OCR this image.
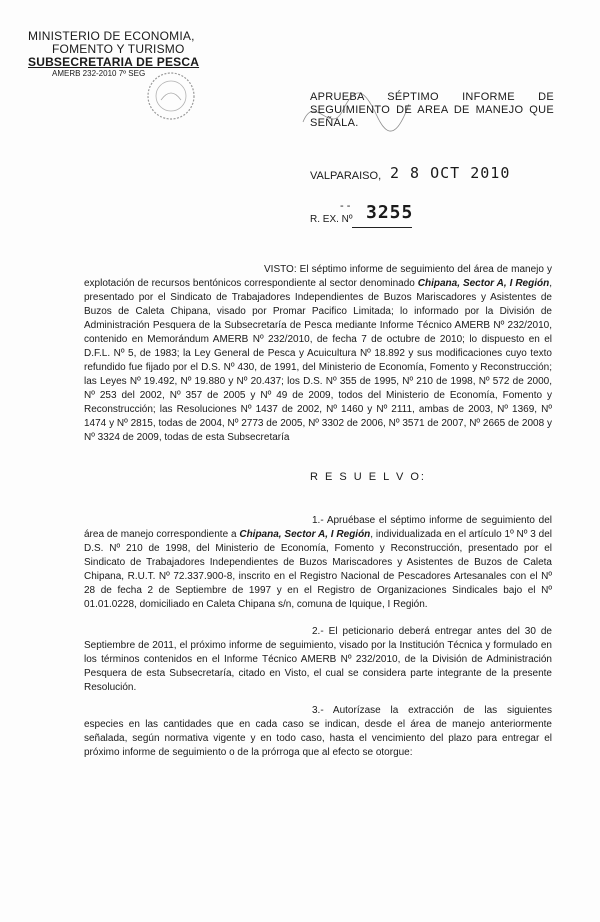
MINISTERIO DE ECONOMIA,
FOMENTO Y TURISMO
SUBSECRETARIA DE PESCA
AMERB 232-2010 7º SEG
APRUEBA SÉPTIMO INFORME DE SEGUIMIENTO DE AREA DE MANEJO QUE SEÑALA.
VALPARAISO, 2 8 OCT 2010
- -
R. EX. Nº 3255
VISTO: El séptimo informe de seguimiento del área de manejo y explotación de recursos bentónicos correspondiente al sector denominado Chipana, Sector A, I Región, presentado por el Sindicato de Trabajadores Independientes de Buzos Mariscadores y Asistentes de Buzos de Caleta Chipana, visado por Promar Pacifico Limitada; lo informado por la División de Administración Pesquera de la Subsecretaría de Pesca mediante Informe Técnico AMERB Nº 232/2010, contenido en Memorándum AMERB Nº 232/2010, de fecha 7 de octubre de 2010; lo dispuesto en el D.F.L. Nº 5, de 1983; la Ley General de Pesca y Acuicultura Nº 18.892 y sus modificaciones cuyo texto refundido fue fijado por el D.S. Nº 430, de 1991, del Ministerio de Economía, Fomento y Reconstrucción; las Leyes Nº 19.492, Nº 19.880 y Nº 20.437; los D.S. Nº 355 de 1995, Nº 210 de 1998, Nº 572 de 2000, Nº 253 del 2002, Nº 357 de 2005 y Nº 49 de 2009, todos del Ministerio de Economía, Fomento y Reconstrucción; las Resoluciones Nº 1437 de 2002, Nº 1460 y Nº 2111, ambas de 2003, Nº 1369, Nº 1474 y Nº 2815, todas de 2004, Nº 2773 de 2005, Nº 3302 de 2006, Nº 3571 de 2007, Nº 2665 de 2008 y Nº 3324 de 2009, todas de esta Subsecretaría
R E S U E L V O:
1.- Apruébase el séptimo informe de seguimiento del área de manejo correspondiente a Chipana, Sector A, I Región, individualizada en el artículo 1º Nº 3 del D.S. Nº 210 de 1998, del Ministerio de Economía, Fomento y Reconstrucción, presentado por el Sindicato de Trabajadores Independientes de Buzos Mariscadores y Asistentes de Buzos de Caleta Chipana, R.U.T. Nº 72.337.900-8, inscrito en el Registro Nacional de Pescadores Artesanales con el Nº 28 de fecha 2 de Septiembre de 1997 y en el Registro de Organizaciones Sindicales bajo el Nº 01.01.0228, domiciliado en Caleta Chipana s/n, comuna de Iquique, I Región.
2.- El peticionario deberá entregar antes del 30 de Septiembre de 2011, el próximo informe de seguimiento, visado por la Institución Técnica y formulado en los términos contenidos en el Informe Técnico AMERB Nº 232/2010, de la División de Administración Pesquera de esta Subsecretaría, citado en Visto, el cual se considera parte integrante de la presente Resolución.
3.- Autorízase la extracción de las siguientes especies en las cantidades que en cada caso se indican, desde el área de manejo anteriormente señalada, según normativa vigente y en todo caso, hasta el vencimiento del plazo para entregar el próximo informe de seguimiento o de la prórroga que al efecto se otorgue:
